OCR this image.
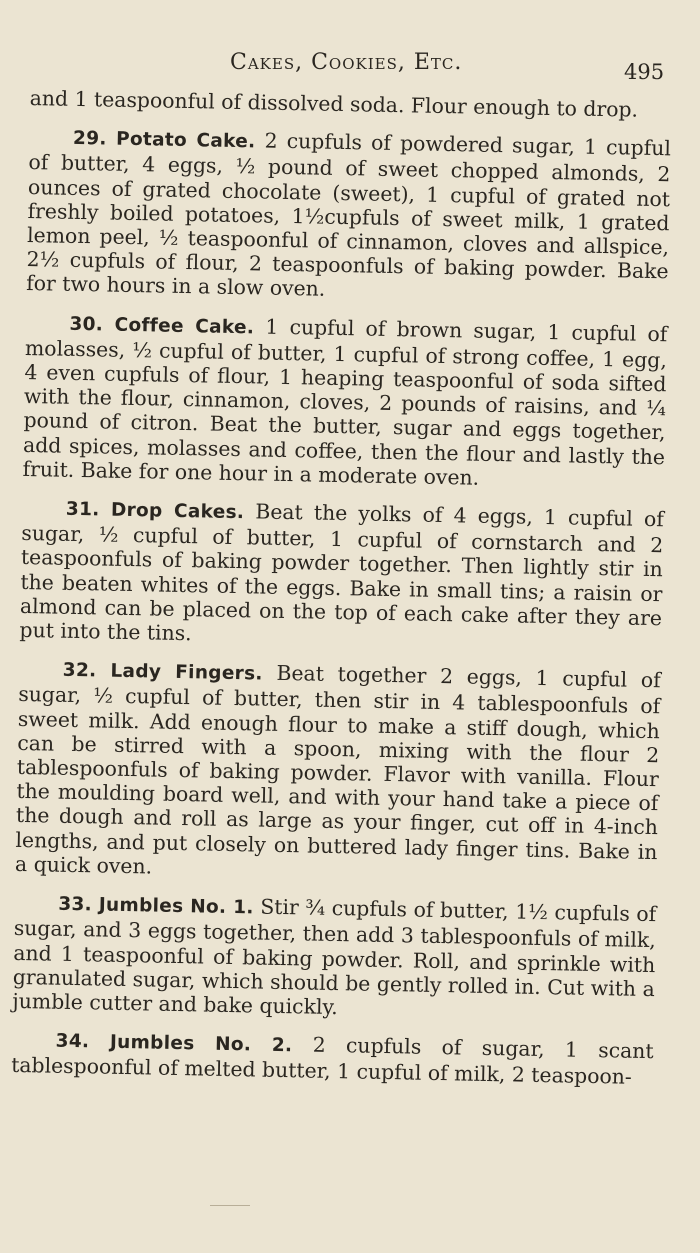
Cakes, Cookies, Etc.	495

and 1 teaspoonful of dissolved soda. Flour enough to drop.

29. Potato Cake. 2 cupfuls of powdered sugar, 1 cupful of butter, 4 eggs, ½ pound of sweet chopped almonds, 2 ounces of grated chocolate (sweet), 1 cupful of grated not freshly boiled potatoes, 1½cupfuls of sweet milk, 1 grated lemon peel, ½ teaspoonful of cinnamon, cloves and allspice, 2½ cupfuls of flour, 2 teaspoonfuls of baking powder. Bake for two hours in a slow oven.

30. Coffee Cake. 1 cupful of brown sugar, 1 cupful of molasses, ½ cupful of butter, 1 cupful of strong coffee, 1 egg, 4 even cupfuls of flour, 1 heaping teaspoonful of soda sifted with the flour, cinnamon, cloves, 2 pounds of raisins, and ¼ pound of citron. Beat the butter, sugar and eggs together, add spices, molasses and coffee, then the flour and lastly the fruit. Bake for one hour in a moderate oven.

31. Drop Cakes. Beat the yolks of 4 eggs, 1 cupful of sugar, ½ cupful of butter, 1 cupful of cornstarch and 2 teaspoonfuls of baking powder together. Then lightly stir in the beaten whites of the eggs. Bake in small tins; a raisin or almond can be placed on the top of each cake after they are put into the tins.

32. Lady Fingers. Beat together 2 eggs, 1 cupful of sugar, ½ cupful of butter, then stir in 4 tablespoonfuls of sweet milk. Add enough flour to make a stiff dough, which can be stirred with a spoon, mixing with the flour 2 tablespoonfuls of baking powder. Flavor with vanilla. Flour the moulding board well, and with your hand take a piece of the dough and roll as large as your finger, cut off in 4-inch lengths, and put closely on buttered lady finger tins. Bake in a quick oven.

33. Jumbles No. 1. Stir ¾ cupfuls of butter, 1½ cupfuls of sugar, and 3 eggs together, then add 3 tablespoonfuls of milk, and 1 teaspoonful of baking powder. Roll, and sprinkle with granulated sugar, which should be gently rolled in. Cut with a jumble cutter and bake quickly.

34. Jumbles No. 2. 2 cupfuls of sugar, 1 scant tablespoonful of melted butter, 1 cupful of milk, 2 teaspoon-
